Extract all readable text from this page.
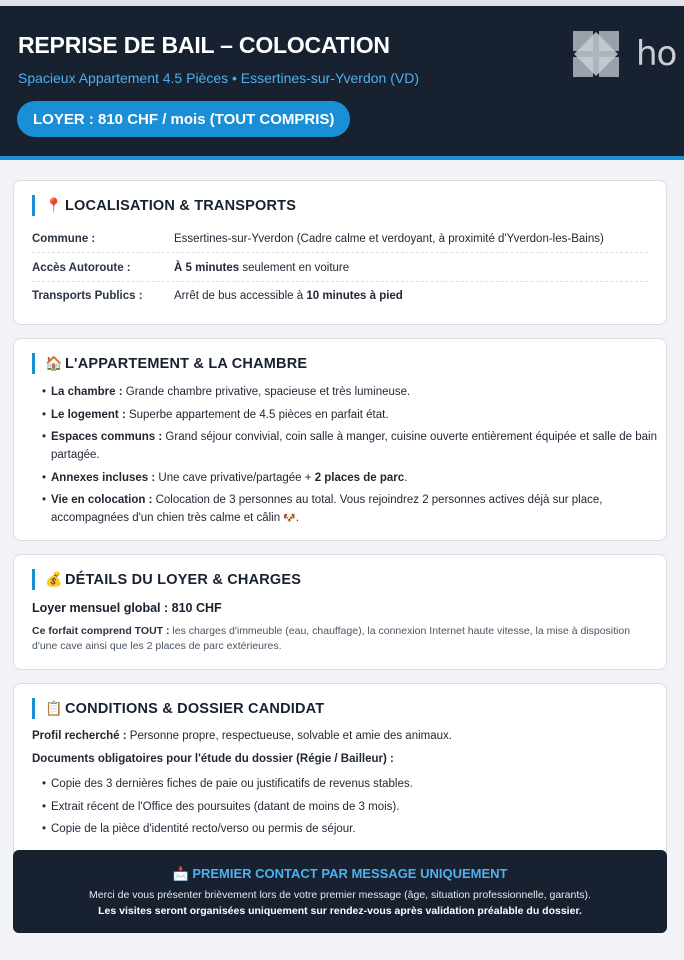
REPRISE DE BAIL – COLOCATION
Spacieux Appartement 4.5 Pièces • Essertines-sur-Yverdon (VD)
LOYER : 810 CHF / mois (TOUT COMPRIS)
ho
📍 LOCALISATION & TRANSPORTS
Commune :	Essertines-sur-Yverdon (Cadre calme et verdoyant, à proximité d'Yverdon-les-Bains)
Accès Autoroute :	À 5 minutes seulement en voiture
Transports Publics :	Arrêt de bus accessible à 10 minutes à pied
🏠 L'APPARTEMENT & LA CHAMBRE
• La chambre : Grande chambre privative, spacieuse et très lumineuse.
• Le logement : Superbe appartement de 4.5 pièces en parfait état.
• Espaces communs : Grand séjour convivial, coin salle à manger, cuisine ouverte entièrement équipée et salle de bain partagée.
• Annexes incluses : Une cave privative/partagée + 2 places de parc.
• Vie en colocation : Colocation de 3 personnes au total. Vous rejoindrez 2 personnes actives déjà sur place, accompagnées d'un chien très calme et câlin 🐶.
💰 DÉTAILS DU LOYER & CHARGES
Loyer mensuel global : 810 CHF
Ce forfait comprend TOUT : les charges d'immeuble (eau, chauffage), la connexion Internet haute vitesse, la mise à disposition d'une cave ainsi que les 2 places de parc extérieures.
📋 CONDITIONS & DOSSIER CANDIDAT
Profil recherché : Personne propre, respectueuse, solvable et amie des animaux.
Documents obligatoires pour l'étude du dossier (Régie / Bailleur) :
• Copie des 3 dernières fiches de paie ou justificatifs de revenus stables.
• Extrait récent de l'Office des poursuites (datant de moins de 3 mois).
• Copie de la pièce d'identité recto/verso ou permis de séjour.
📩 PREMIER CONTACT PAR MESSAGE UNIQUEMENT
Merci de vous présenter brièvement lors de votre premier message (âge, situation professionnelle, garants).
Les visites seront organisées uniquement sur rendez-vous après validation préalable du dossier.
